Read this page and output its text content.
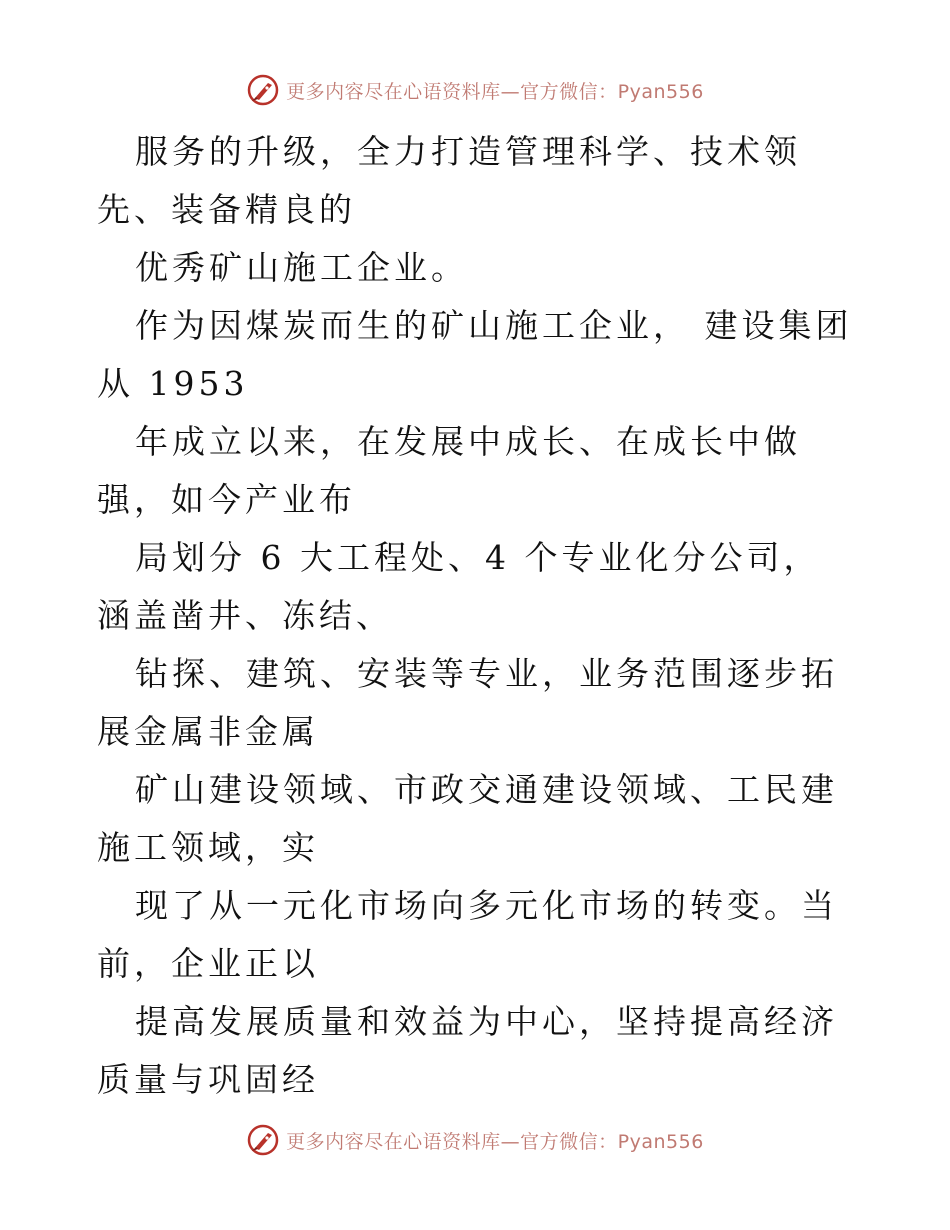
更多内容尽在心语资料库—官方微信：Pyan556

服务的升级，全力打造管理科学、技术领先、装备精良的

优秀矿山施工企业。

作为因煤炭而生的矿山施工企业， 建设集团从 1953

年成立以来，在发展中成长、在成长中做强，如今产业布

局划分 6 大工程处、4 个专业化分公司，涵盖凿井、冻结、

钻探、建筑、安装等专业，业务范围逐步拓展金属非金属

矿山建设领域、市政交通建设领域、工民建施工领域，实

现了从一元化市场向多元化市场的转变。当前，企业正以

提高发展质量和效益为中心，坚持提高经济质量与巩固经

更多内容尽在心语资料库—官方微信：Pyan556
